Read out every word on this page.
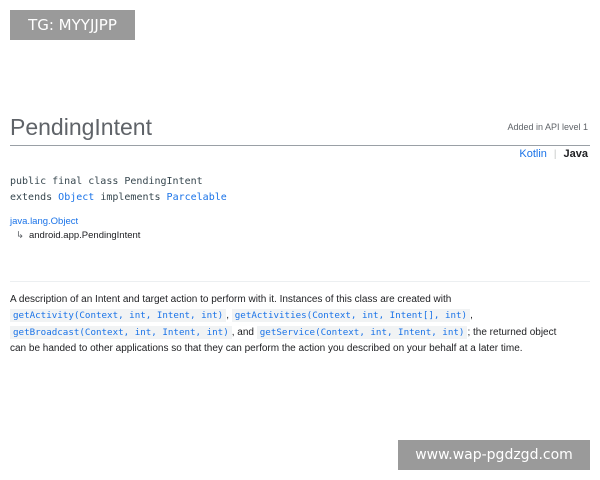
TG: MYYJJPP
PendingIntent	Added in API level 1
Kotlin | Java
public final class PendingIntent
extends Object implements Parcelable
java.lang.Object
↳ android.app.PendingIntent
A description of an Intent and target action to perform with it. Instances of this class are created with
getActivity(Context, int, Intent, int) , getActivities(Context, int, Intent[], int) ,
getBroadcast(Context, int, Intent, int) , and getService(Context, int, Intent, int) ; the returned object
can be handed to other applications so that they can perform the action you described on your behalf at a later time.
www.wap-pgdzgd.com
